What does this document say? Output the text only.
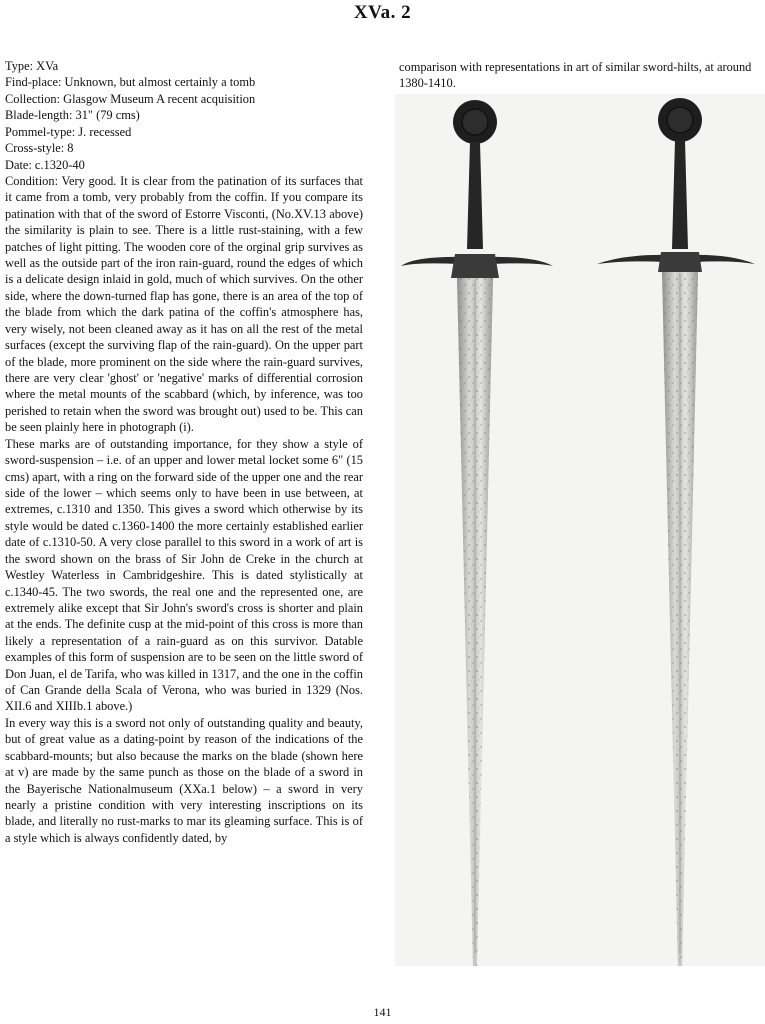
XVa. 2
Type: XVa
Find-place: Unknown, but almost certainly a tomb
Collection: Glasgow Museum A recent acquisition
Blade-length: 31" (79 cms)
Pommel-type: J. recessed
Cross-style: 8
Date: c.1320-40

Condition: Very good. It is clear from the patination of its surfaces that it came from a tomb, very probably from the coffin. If you compare its patination with that of the sword of Estorre Visconti, (No.XV.13 above) the similarity is plain to see. There is a little rust-staining, with a few patches of light pitting. The wooden core of the orginal grip survives as well as the outside part of the iron rain-guard, round the edges of which is a delicate design inlaid in gold, much of which survives. On the other side, where the down-turned flap has gone, there is an area of the top of the blade from which the dark patina of the coffin's atmosphere has, very wisely, not been cleaned away as it has on all the rest of the metal surfaces (except the surviving flap of the rain-guard). On the upper part of the blade, more prominent on the side where the rain-guard survives, there are very clear 'ghost' or 'negative' marks of differential corrosion where the metal mounts of the scabbard (which, by inference, was too perished to retain when the sword was brought out) used to be. This can be seen plainly here in photograph (i).

These marks are of outstanding importance, for they show a style of sword-suspension – i.e. of an upper and lower metal locket some 6" (15 cms) apart, with a ring on the forward side of the upper one and the rear side of the lower – which seems only to have been in use between, at extremes, c.1310 and 1350. This gives a sword which otherwise by its style would be dated c.1360-1400 the more certainly established earlier date of c.1310-50. A very close parallel to this sword in a work of art is the sword shown on the brass of Sir John de Creke in the church at Westley Waterless in Cambridgeshire. This is dated stylistically at c.1340-45. The two swords, the real one and the represented one, are extremely alike except that Sir John's sword's cross is shorter and plain at the ends. The definite cusp at the mid-point of this cross is more than likely a representation of a rain-guard as on this survivor. Datable examples of this form of suspension are to be seen on the little sword of Don Juan, el de Tarifa, who was killed in 1317, and the one in the coffin of Can Grande della Scala of Verona, who was buried in 1329 (Nos. XII.6 and XIIIb.1 above.)

In every way this is a sword not only of outstanding quality and beauty, but of great value as a dating-point by reason of the indications of the scabbard-mounts; but also because the marks on the blade (shown here at v) are made by the same punch as those on the blade of a sword in the Bayerische Nationalmuseum (XXa.1 below) – a sword in very nearly a pristine condition with very interesting inscriptions on its blade, and literally no rust-marks to mar its gleaming surface. This is of a style which is always confidently dated, by

comparison with representations in art of similar sword-hilts, at around 1380-1410.
141
